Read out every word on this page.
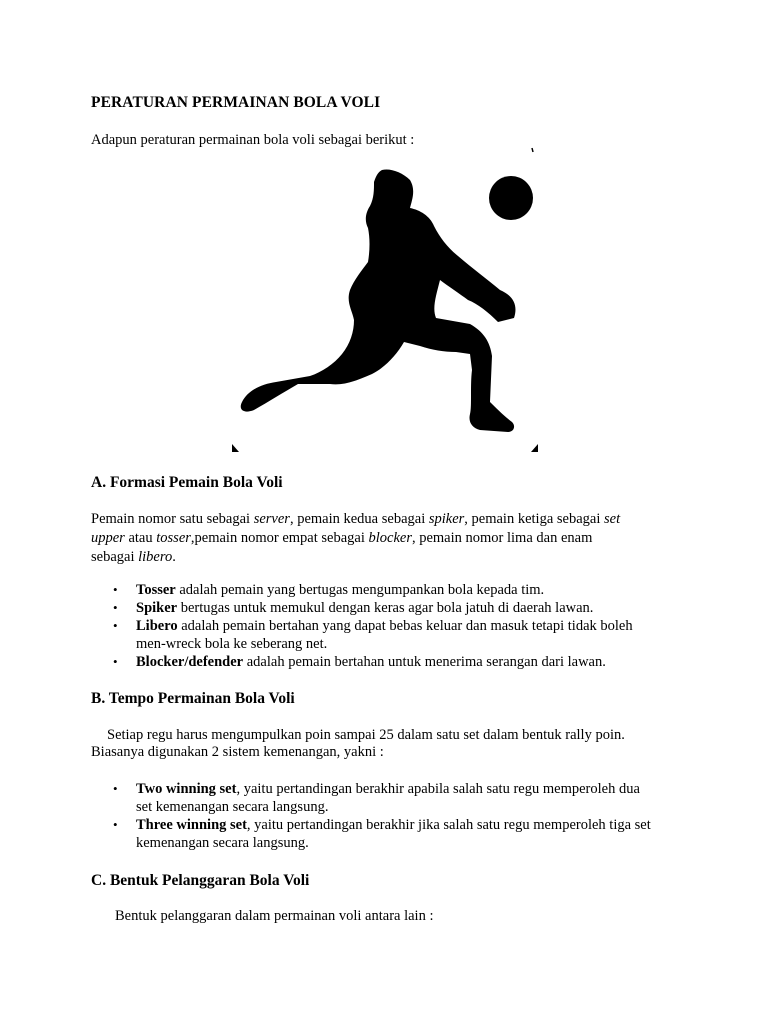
PERATURAN PERMAINAN BOLA VOLI
Adapun peraturan permainan bola voli sebagai berikut :
A. Formasi Pemain Bola Voli
Pemain nomor satu sebagai server, pemain kedua sebagai spiker, pemain ketiga sebagai set
upper atau tosser,pemain nomor empat sebagai blocker, pemain nomor lima dan enam
sebagai libero.
•	Tosser adalah pemain yang bertugas mengumpankan bola kepada tim.
•	Spiker bertugas untuk memukul dengan keras agar bola jatuh di daerah lawan.
•	Libero adalah pemain bertahan yang dapat bebas keluar dan masuk tetapi tidak boleh
men-wreck bola ke seberang net.
•	Blocker/defender adalah pemain bertahan untuk menerima serangan dari lawan.
B. Tempo Permainan Bola Voli
Setiap regu harus mengumpulkan poin sampai 25 dalam satu set dalam bentuk rally poin.
Biasanya digunakan 2 sistem kemenangan, yakni :
•	Two winning set, yaitu pertandingan berakhir apabila salah satu regu memperoleh dua
set kemenangan secara langsung.
•	Three winning set, yaitu pertandingan berakhir jika salah satu regu memperoleh tiga set
kemenangan secara langsung.
C. Bentuk Pelanggaran Bola Voli
Bentuk pelanggaran dalam permainan voli antara lain :
